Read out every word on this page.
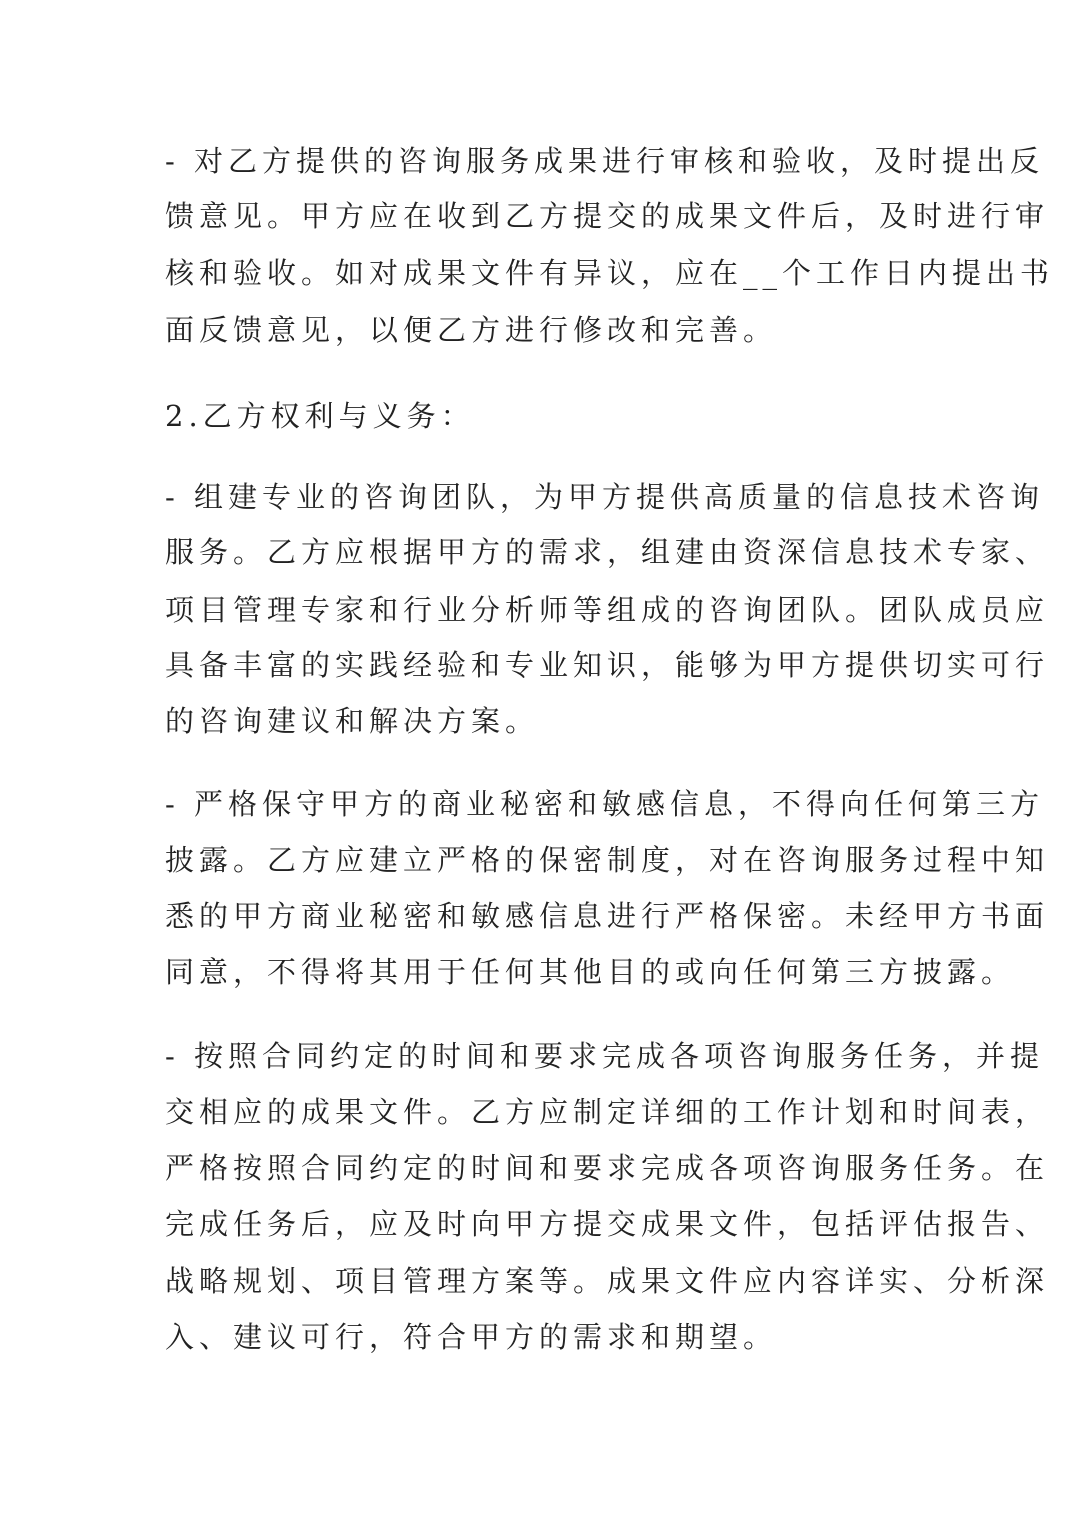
- 对乙方提供的咨询服务成果进行审核和验收，及时提出反

馈意见。甲方应在收到乙方提交的成果文件后，及时进行审

核和验收。如对成果文件有异议，应在__个工作日内提出书

面反馈意见，以便乙方进行修改和完善。

2.乙方权利与义务：

- 组建专业的咨询团队，为甲方提供高质量的信息技术咨询

服务。乙方应根据甲方的需求，组建由资深信息技术专家、

项目管理专家和行业分析师等组成的咨询团队。团队成员应

具备丰富的实践经验和专业知识，能够为甲方提供切实可行

的咨询建议和解决方案。

- 严格保守甲方的商业秘密和敏感信息，不得向任何第三方

披露。乙方应建立严格的保密制度，对在咨询服务过程中知

悉的甲方商业秘密和敏感信息进行严格保密。未经甲方书面

同意，不得将其用于任何其他目的或向任何第三方披露。

- 按照合同约定的时间和要求完成各项咨询服务任务，并提

交相应的成果文件。乙方应制定详细的工作计划和时间表，

严格按照合同约定的时间和要求完成各项咨询服务任务。在

完成任务后，应及时向甲方提交成果文件，包括评估报告、

战略规划、项目管理方案等。成果文件应内容详实、分析深

入、建议可行，符合甲方的需求和期望。
